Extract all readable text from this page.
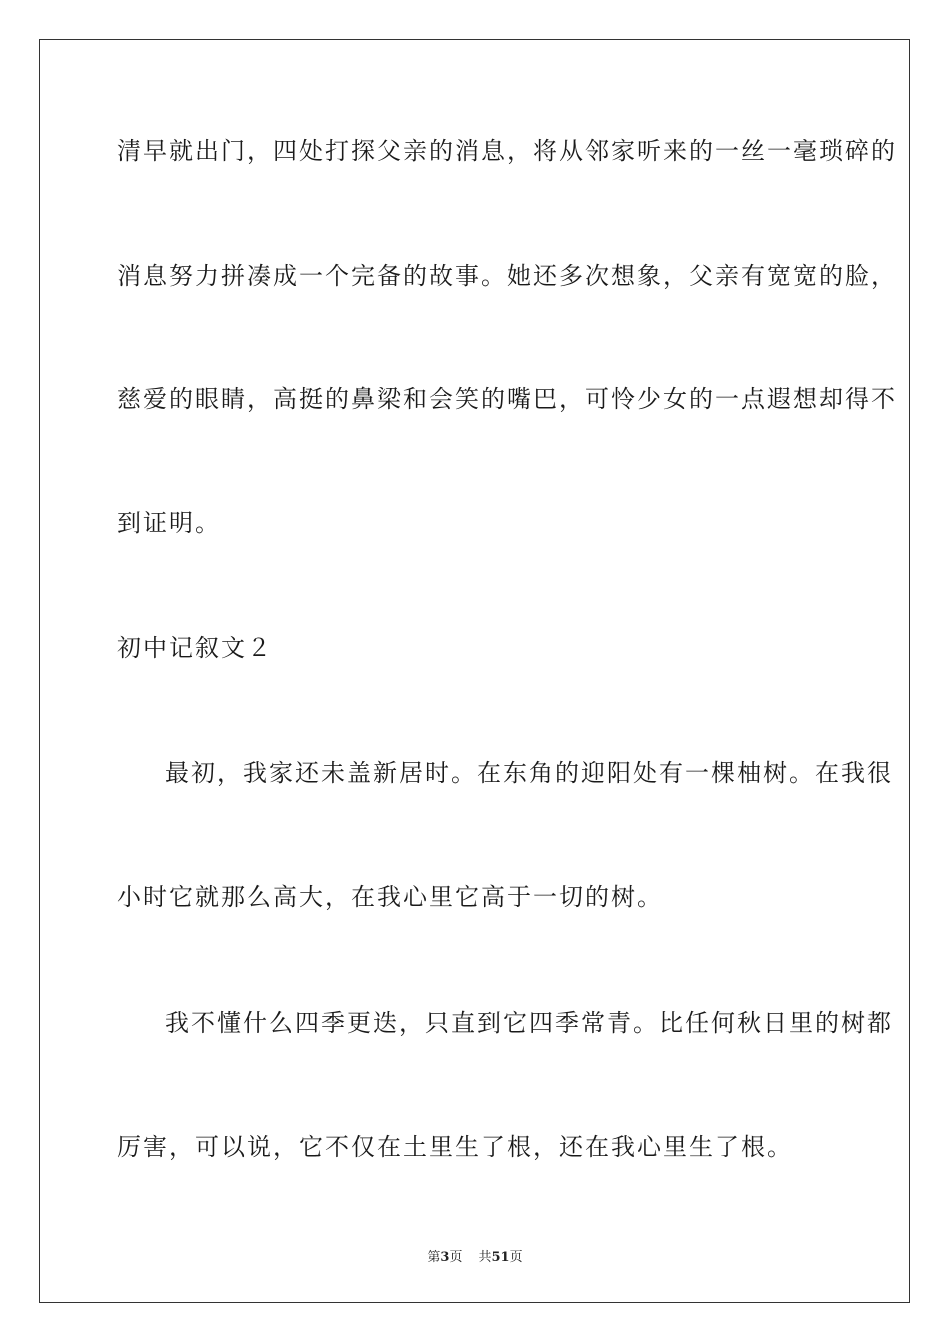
清早就出门，四处打探父亲的消息，将从邻家听来的一丝一毫琐碎的
消息努力拼凑成一个完备的故事。她还多次想象，父亲有宽宽的脸，
慈爱的眼睛，高挺的鼻梁和会笑的嘴巴，可怜少女的一点遐想却得不
到证明。
初中记叙文２
最初，我家还未盖新居时。在东角的迎阳处有一棵柚树。在我很
小时它就那么高大，在我心里它高于一切的树。
我不懂什么四季更迭，只直到它四季常青。比任何秋日里的树都
厉害，可以说，它不仅在土里生了根，还在我心里生了根。
第3页 共51页
